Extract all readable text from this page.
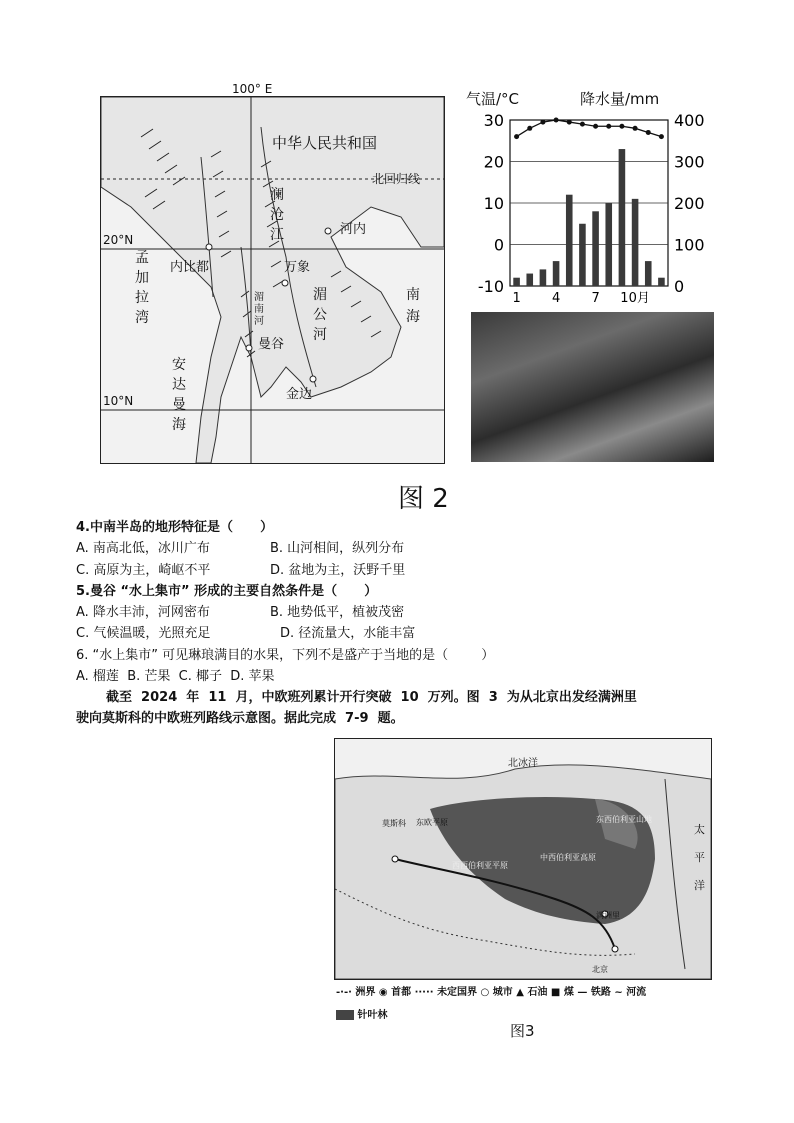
100° E
中华人民共和国
北回归线
20°N
10°N
河内
内比都	万象
曼谷
金边
孟
加
拉
湾
澜
沧
江
湄
公
河
湄
南
河
安
达
曼
海
南
海
气温/°C	降水量/mm
30
20
10
0
-10
400
300
200
100
0
1 4 7 10月
图 2
4.中南半岛的地形特征是（      ）
A. 南高北低，冰川广布	B. 山河相间，纵列分布
C. 高原为主，崎岖不平	D. 盆地为主，沃野千里
5.曼谷 “水上集市” 形成的主要自然条件是（      ）
A. 降水丰沛，河网密布	B. 地势低平，植被茂密
C. 气候温暖，光照充足	D. 径流量大，水能丰富
6. “水上集市” 可见琳琅满目的水果，下列不是盛产于当地的是（        ）
A. 榴莲  B. 芒果  C. 椰子  D. 苹果
截至  2024  年  11  月，中欧班列累计开行突破  10  万列。图  3  为从北京出发经满洲里
驶向莫斯科的中欧班列路线示意图。据此完成  7-9  题。
北冰洋
莫斯科 东欧平原	东西伯利亚山地
中西伯利亚高原
西西伯利亚平原
满洲里
北京
太
平
洋
-·-· 洲界 ◉ 首都 ····· 未定国界 ○ 城市 ▲ 石油 ■ 煤 — 铁路 ~ 河流
针叶林
图3
